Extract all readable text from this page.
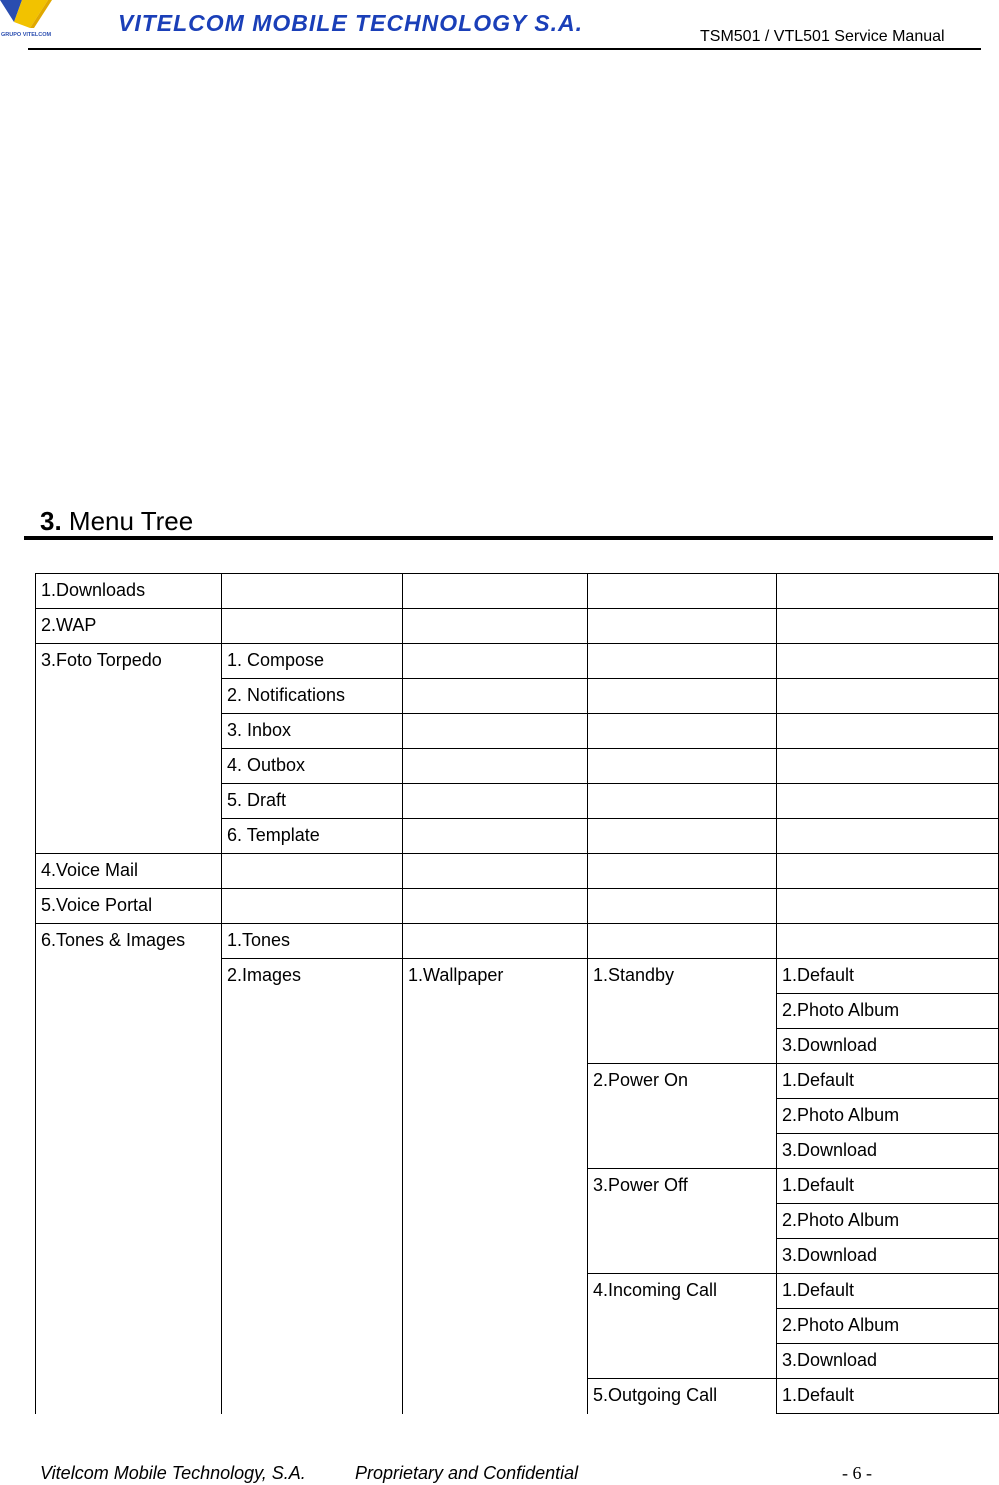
GRUPO VITELCOM	VITELCOM MOBILE TECHNOLOGY S.A.
TSM501 / VTL501 Service Manual
3. Menu Tree
1.Downloads				
2.WAP				
3.Foto Torpedo	1. Compose			
	2. Notifications			
	3. Inbox			
	4. Outbox			
	5. Draft			
	6. Template			
4.Voice Mail				
5.Voice Portal				
6.Tones & Images	1.Tones			
	2.Images	1.Wallpaper	1.Standby	1.Default
				2.Photo Album
				3.Download
			2.Power On	1.Default
				2.Photo Album
				3.Download
			3.Power Off	1.Default
				2.Photo Album
				3.Download
			4.Incoming Call	1.Default
				2.Photo Album
				3.Download
			5.Outgoing Call	1.Default
Vitelcom Mobile Technology, S.A.	Proprietary and Confidential	- 6 -
